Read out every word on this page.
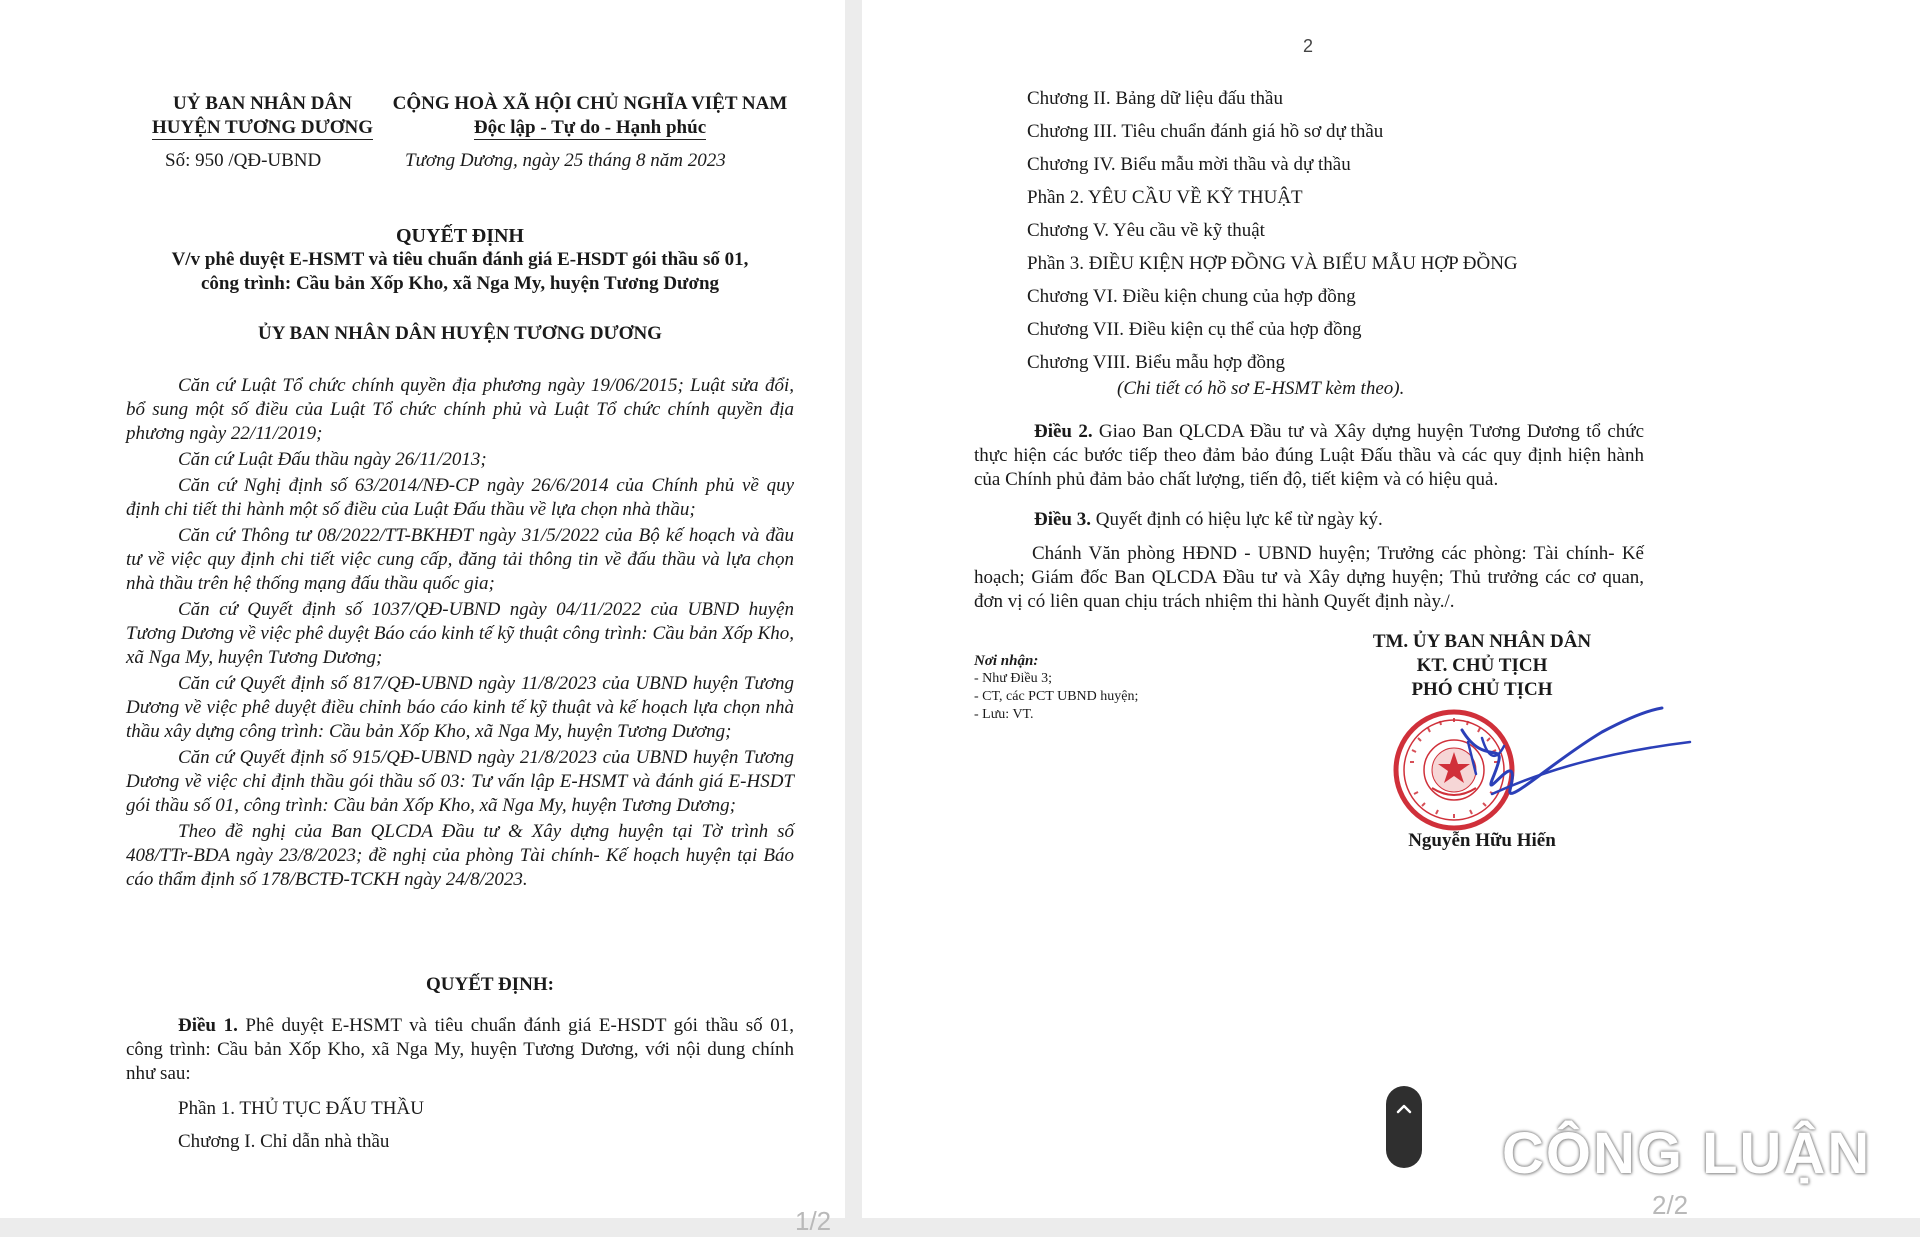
UỶ BAN NHÂN DÂN
HUYỆN TƯƠNG DƯƠNG
CỘNG HOÀ XÃ HỘI CHỦ NGHĨA VIỆT NAM
Độc lập - Tự do - Hạnh phúc
Số: 950 /QĐ-UBND	Tương Dương, ngày 25 tháng 8 năm 2023
QUYẾT ĐỊNH
V/v phê duyệt E-HSMT và tiêu chuẩn đánh giá E-HSDT gói thầu số 01,
công trình: Cầu bản Xốp Kho, xã Nga My, huyện Tương Dương
ỦY BAN NHÂN DÂN HUYỆN TƯƠNG DƯƠNG

Căn cứ Luật Tổ chức chính quyền địa phương ngày 19/06/2015; Luật sửa đổi, bổ sung một số điều của Luật Tổ chức chính phủ và Luật Tổ chức chính quyền địa phương ngày 22/11/2019;

Căn cứ Luật Đấu thầu ngày 26/11/2013;

Căn cứ Nghị định số 63/2014/NĐ-CP ngày 26/6/2014 của Chính phủ về quy định chi tiết thi hành một số điều của Luật Đấu thầu về lựa chọn nhà thầu;

Căn cứ Thông tư 08/2022/TT-BKHĐT ngày 31/5/2022 của Bộ kế hoạch và đầu tư về việc quy định chi tiết việc cung cấp, đăng tải thông tin về đấu thầu và lựa chọn nhà thầu trên hệ thống mạng đấu thầu quốc gia;

Căn cứ Quyết định số 1037/QĐ-UBND ngày 04/11/2022 của UBND huyện Tương Dương về việc phê duyệt Báo cáo kinh tế kỹ thuật công trình: Cầu bản Xốp Kho, xã Nga My, huyện Tương Dương;

Căn cứ Quyết định số 817/QĐ-UBND ngày 11/8/2023 của UBND huyện Tương Dương về việc phê duyệt điều chỉnh báo cáo kinh tế kỹ thuật và kế hoạch lựa chọn nhà thầu xây dựng công trình: Cầu bản Xốp Kho, xã Nga My, huyện Tương Dương;

Căn cứ Quyết định số 915/QĐ-UBND ngày 21/8/2023 của UBND huyện Tương Dương về việc chỉ định thầu gói thầu số 03: Tư vấn lập E-HSMT và đánh giá E-HSDT gói thầu số 01, công trình: Cầu bản Xốp Kho, xã Nga My, huyện Tương Dương;

Theo đề nghị của Ban QLCDA Đầu tư & Xây dựng huyện tại Tờ trình số 408/TTr-BDA ngày 23/8/2023; đề nghị của phòng Tài chính- Kế hoạch huyện tại Báo cáo thẩm định số 178/BCTĐ-TCKH ngày 24/8/2023.

QUYẾT ĐỊNH:

Điều 1. Phê duyệt E-HSMT và tiêu chuẩn đánh giá E-HSDT gói thầu số 01, công trình: Cầu bản Xốp Kho, xã Nga My, huyện Tương Dương, với nội dung chính như sau:

Phần 1. THỦ TỤC ĐẤU THẦU
Chương I. Chỉ dẫn nhà thầu
1/2
2
Chương II. Bảng dữ liệu đấu thầu
Chương III. Tiêu chuẩn đánh giá hồ sơ dự thầu
Chương IV. Biểu mẫu mời thầu và dự thầu
Phần 2. YÊU CẦU VỀ KỸ THUẬT
Chương V. Yêu cầu về kỹ thuật
Phần 3. ĐIỀU KIỆN HỢP ĐỒNG VÀ BIỂU MẪU HỢP ĐỒNG
Chương VI. Điều kiện chung của hợp đồng
Chương VII. Điều kiện cụ thể của hợp đồng
Chương VIII. Biểu mẫu hợp đồng
(Chi tiết có hồ sơ E-HSMT kèm theo).

Điều 2. Giao Ban QLCDA Đầu tư và Xây dựng huyện Tương Dương tổ chức thực hiện các bước tiếp theo đảm bảo đúng Luật Đấu thầu và các quy định hiện hành của Chính phủ đảm bảo chất lượng, tiến độ, tiết kiệm và có hiệu quả.

Điều 3. Quyết định có hiệu lực kể từ ngày ký.

Chánh Văn phòng HĐND - UBND huyện; Trưởng các phòng: Tài chính- Kế hoạch; Giám đốc Ban QLCDA Đầu tư và Xây dựng huyện; Thủ trưởng các cơ quan, đơn vị có liên quan chịu trách nhiệm thi hành Quyết định này./.

Nơi nhận:
- Như Điều 3;
- CT, các PCT UBND huyện;
- Lưu: VT.
TM. ỦY BAN NHÂN DÂN
KT. CHỦ TỊCH
PHÓ CHỦ TỊCH
Nguyễn Hữu Hiến
CÔNG LUẬN
2/2
